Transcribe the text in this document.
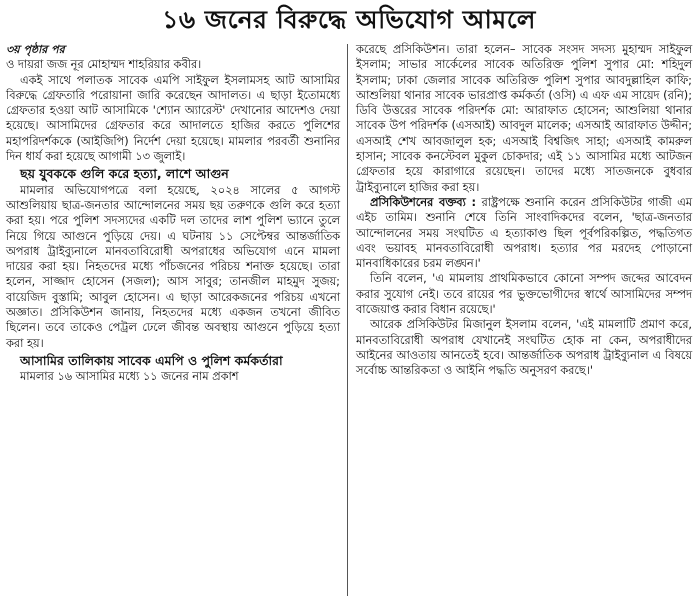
১৬ জনের বিরুদ্ধে অভিযোগ আমলে

৩য় পৃষ্ঠার পর

ও দায়রা জজ নূর মোহাম্মদ শাহরিয়ার কবীর।

একই সাথে পলাতক সাবেক এমপি সাইফুল ইসলামসহ আট আসামির বিরুদ্ধে গ্রেফতারি পরোয়ানা জারি করেছেন আদালত। এ ছাড়া ইতোমধ্যে গ্রেফতার হওয়া আট আসামিকে 'শ্যোন অ্যারেস্ট' দেখানোর আদেশও দেয়া হয়েছে। আসামিদের গ্রেফতার করে আদালতে হাজির করতে পুলিশের মহাপরিদর্শককে (আইজিপি) নির্দেশ দেয়া হয়েছে। মামলার পরবর্তী শুনানির দিন ধার্য করা হয়েছে আগামী ১৩ জুলাই।

ছয় যুবককে গুলি করে হত্যা, লাশে আগুন

মামলার অভিযোগপত্রে বলা হয়েছে, ২০২৪ সালের ৫ আগস্ট আশুলিয়ায় ছাত্র-জনতার আন্দোলনের সময় ছয় তরুণকে গুলি করে হত্যা করা হয়। পরে পুলিশ সদস্যদের একটি দল তাদের লাশ পুলিশ ভ্যানে তুলে নিয়ে গিয়ে আগুনে পুড়িয়ে দেয়। এ ঘটনায় ১১ সেপ্টেম্বর আন্তর্জাতিক অপরাধ ট্রাইব্যুনালে মানবতাবিরোধী অপরাধের অভিযোগ এনে মামলা দায়ের করা হয়। নিহতদের মধ্যে পাঁচজনের পরিচয় শনাক্ত হয়েছে। তারা হলেন, সাজ্জাদ হোসেন (সজল); আস সাবুর; তানজীল মাহমুদ সুজয়; বায়েজিদ বুস্তামি; আবুল হোসেন। এ ছাড়া আরেকজনের পরিচয় এখনো অজ্ঞাত। প্রসিকিউশন জানায়, নিহতদের মধ্যে একজন তখনো জীবিত ছিলেন। তবে তাকেও পেট্রল ঢেলে জীবন্ত অবস্থায় আগুনে পুড়িয়ে হত্যা করা হয়।

আসামির তালিকায় সাবেক এমপি ও পুলিশ কর্মকর্তারা

মামলার ১৬ আসামির মধ্যে ১১ জনের নাম প্রকাশ

করেছে প্রসিকিউশন। তারা হলেন– সাবেক সংসদ সদস্য মুহাম্মদ সাইফুল ইসলাম; সাভার সার্কেলের সাবেক অতিরিক্ত পুলিশ সুপার মো: শহিদুল ইসলাম; ঢাকা জেলার সাবেক অতিরিক্ত পুলিশ সুপার আবদুল্লাহিল কাফি; আশুলিয়া থানার সাবেক ভারপ্রাপ্ত কর্মকর্তা (ওসি) এ এফ এম সায়েদ (রনি); ডিবি উত্তরের সাবেক পরিদর্শক মো: আরাফাত হোসেন; আশুলিয়া থানার সাবেক উপ পরিদর্শক (এসআই) আবদুল মালেক; এসআই আরাফাত উদ্দীন; এসআই শেখ আবজালুল হক; এসআই বিশ্বজিৎ সাহা; এসআই কামরুল হাসান; সাবেক কনস্টেবল মুকুল চোকদার; এই ১১ আসামির মধ্যে আটজন গ্রেফতার হয়ে কারাগারে রয়েছেন। তাদের মধ্যে সাতজনকে বুধবার ট্রাইব্যুনালে হাজির করা হয়।

প্রসিকিউশনের বক্তব্য : রাষ্ট্রপক্ষে শুনানি করেন প্রসিকিউটর গাজী এম এইচ তামিম। শুনানি শেষে তিনি সাংবাদিকদের বলেন, 'ছাত্র-জনতার আন্দোলনের সময় সংঘটিত এ হত্যাকাণ্ড ছিল পূর্বপরিকল্পিত, পদ্ধতিগত এবং ভয়াবহ মানবতাবিরোধী অপরাধ। হত্যার পর মরদেহ পোড়ানো মানবাধিকারের চরম লঙ্ঘন।'

তিনি বলেন, 'এ মামলায় প্রাথমিকভাবে কোনো সম্পদ জব্দের আবেদন করার সুযোগ নেই। তবে রায়ের পর ভুক্তভোগীদের স্বার্থে আসামিদের সম্পদ বাজেয়াপ্ত করার বিধান রয়েছে।'

আরেক প্রসিকিউটর মিজানুল ইসলাম বলেন, 'এই মামলাটি প্রমাণ করে, মানবতাবিরোধী অপরাধ যেখানেই সংঘটিত হোক না কেন, অপরাধীদের আইনের আওতায় আনতেই হবে। আন্তর্জাতিক অপরাধ ট্রাইব্যুনাল এ বিষয়ে সর্বোচ্চ আন্তরিকতা ও আইনি পদ্ধতি অনুসরণ করছে।'
